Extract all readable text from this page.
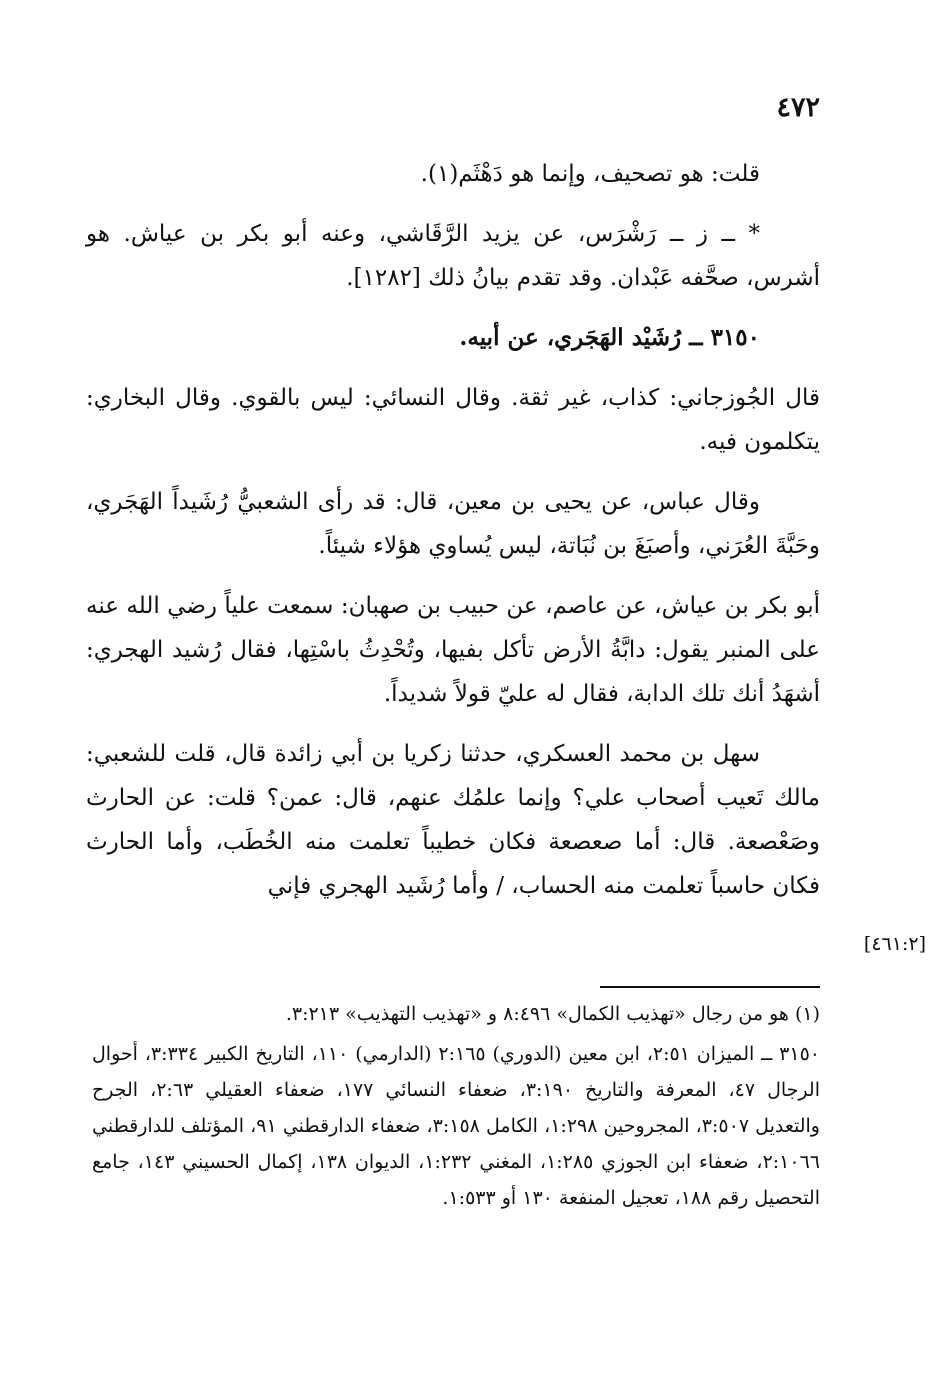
٤٧٢

قلت: هو تصحيف، وإنما هو دَهْثَم(١).

* ــ ز ــ رَشْرَس، عن يزيد الرَّقَاشي، وعنه أبو بكر بن عياش. هو أشرس، صحَّفه عَبْدان. وقد تقدم بيانُ ذلك [١٢٨٢].

٣١٥٠ ــ رُشَيْد الهَجَري، عن أبيه.

قال الجُوزجاني: كذاب، غير ثقة. وقال النسائي: ليس بالقوي. وقال البخاري: يتكلمون فيه.

وقال عباس، عن يحيى بن معين، قال: قد رأى الشعبيُّ رُشَيداً الهَجَري، وحَبَّةَ العُرَني، وأصبَغَ بن نُبَاتة، ليس يُساوي هؤلاء شيئاً.

أبو بكر بن عياش، عن عاصم، عن حبيب بن صهبان: سمعت علياً رضي الله عنه على المنبر يقول: دابَّةُ الأرض تأكل بفيها، وتُحْدِثُ باسْتِها، فقال رُشيد الهجري: أشهَدُ أنك تلك الدابة، فقال له عليّ قولاً شديداً.

سهل بن محمد العسكري، حدثنا زكريا بن أبي زائدة قال، قلت للشعبي: مالك تَعيب أصحاب علي؟ وإنما علمُك عنهم، قال: عمن؟ قلت: عن الحارث وصَعْصعة. قال: أما صعصعة فكان خطيباً تعلمت منه الخُطَب، وأما الحارث فكان حاسباً تعلمت منه الحساب، / وأما رُشَيد الهجري فإني

[٤٦١:٢]

(١) هو من رجال «تهذيب الكمال» ٨:٤٩٦ و «تهذيب التهذيب» ٣:٢١٣.

٣١٥٠ ــ الميزان ٢:٥١، ابن معين (الدوري) ٢:١٦٥ (الدارمي) ١١٠، التاريخ الكبير ٣:٣٣٤، أحوال الرجال ٤٧، المعرفة والتاريخ ٣:١٩٠، ضعفاء النسائي ١٧٧، ضعفاء العقيلي ٢:٦٣، الجرح والتعديل ٣:٥٠٧، المجروحين ١:٢٩٨، الكامل ٣:١٥٨، ضعفاء الدارقطني ٩١، المؤتلف للدارقطني ٢:١٠٦٦، ضعفاء ابن الجوزي ١:٢٨٥، المغني ١:٢٣٢، الديوان ١٣٨، إكمال الحسيني ١٤٣، جامع التحصيل رقم ١٨٨، تعجيل المنفعة ١٣٠ أو ١:٥٣٣.
